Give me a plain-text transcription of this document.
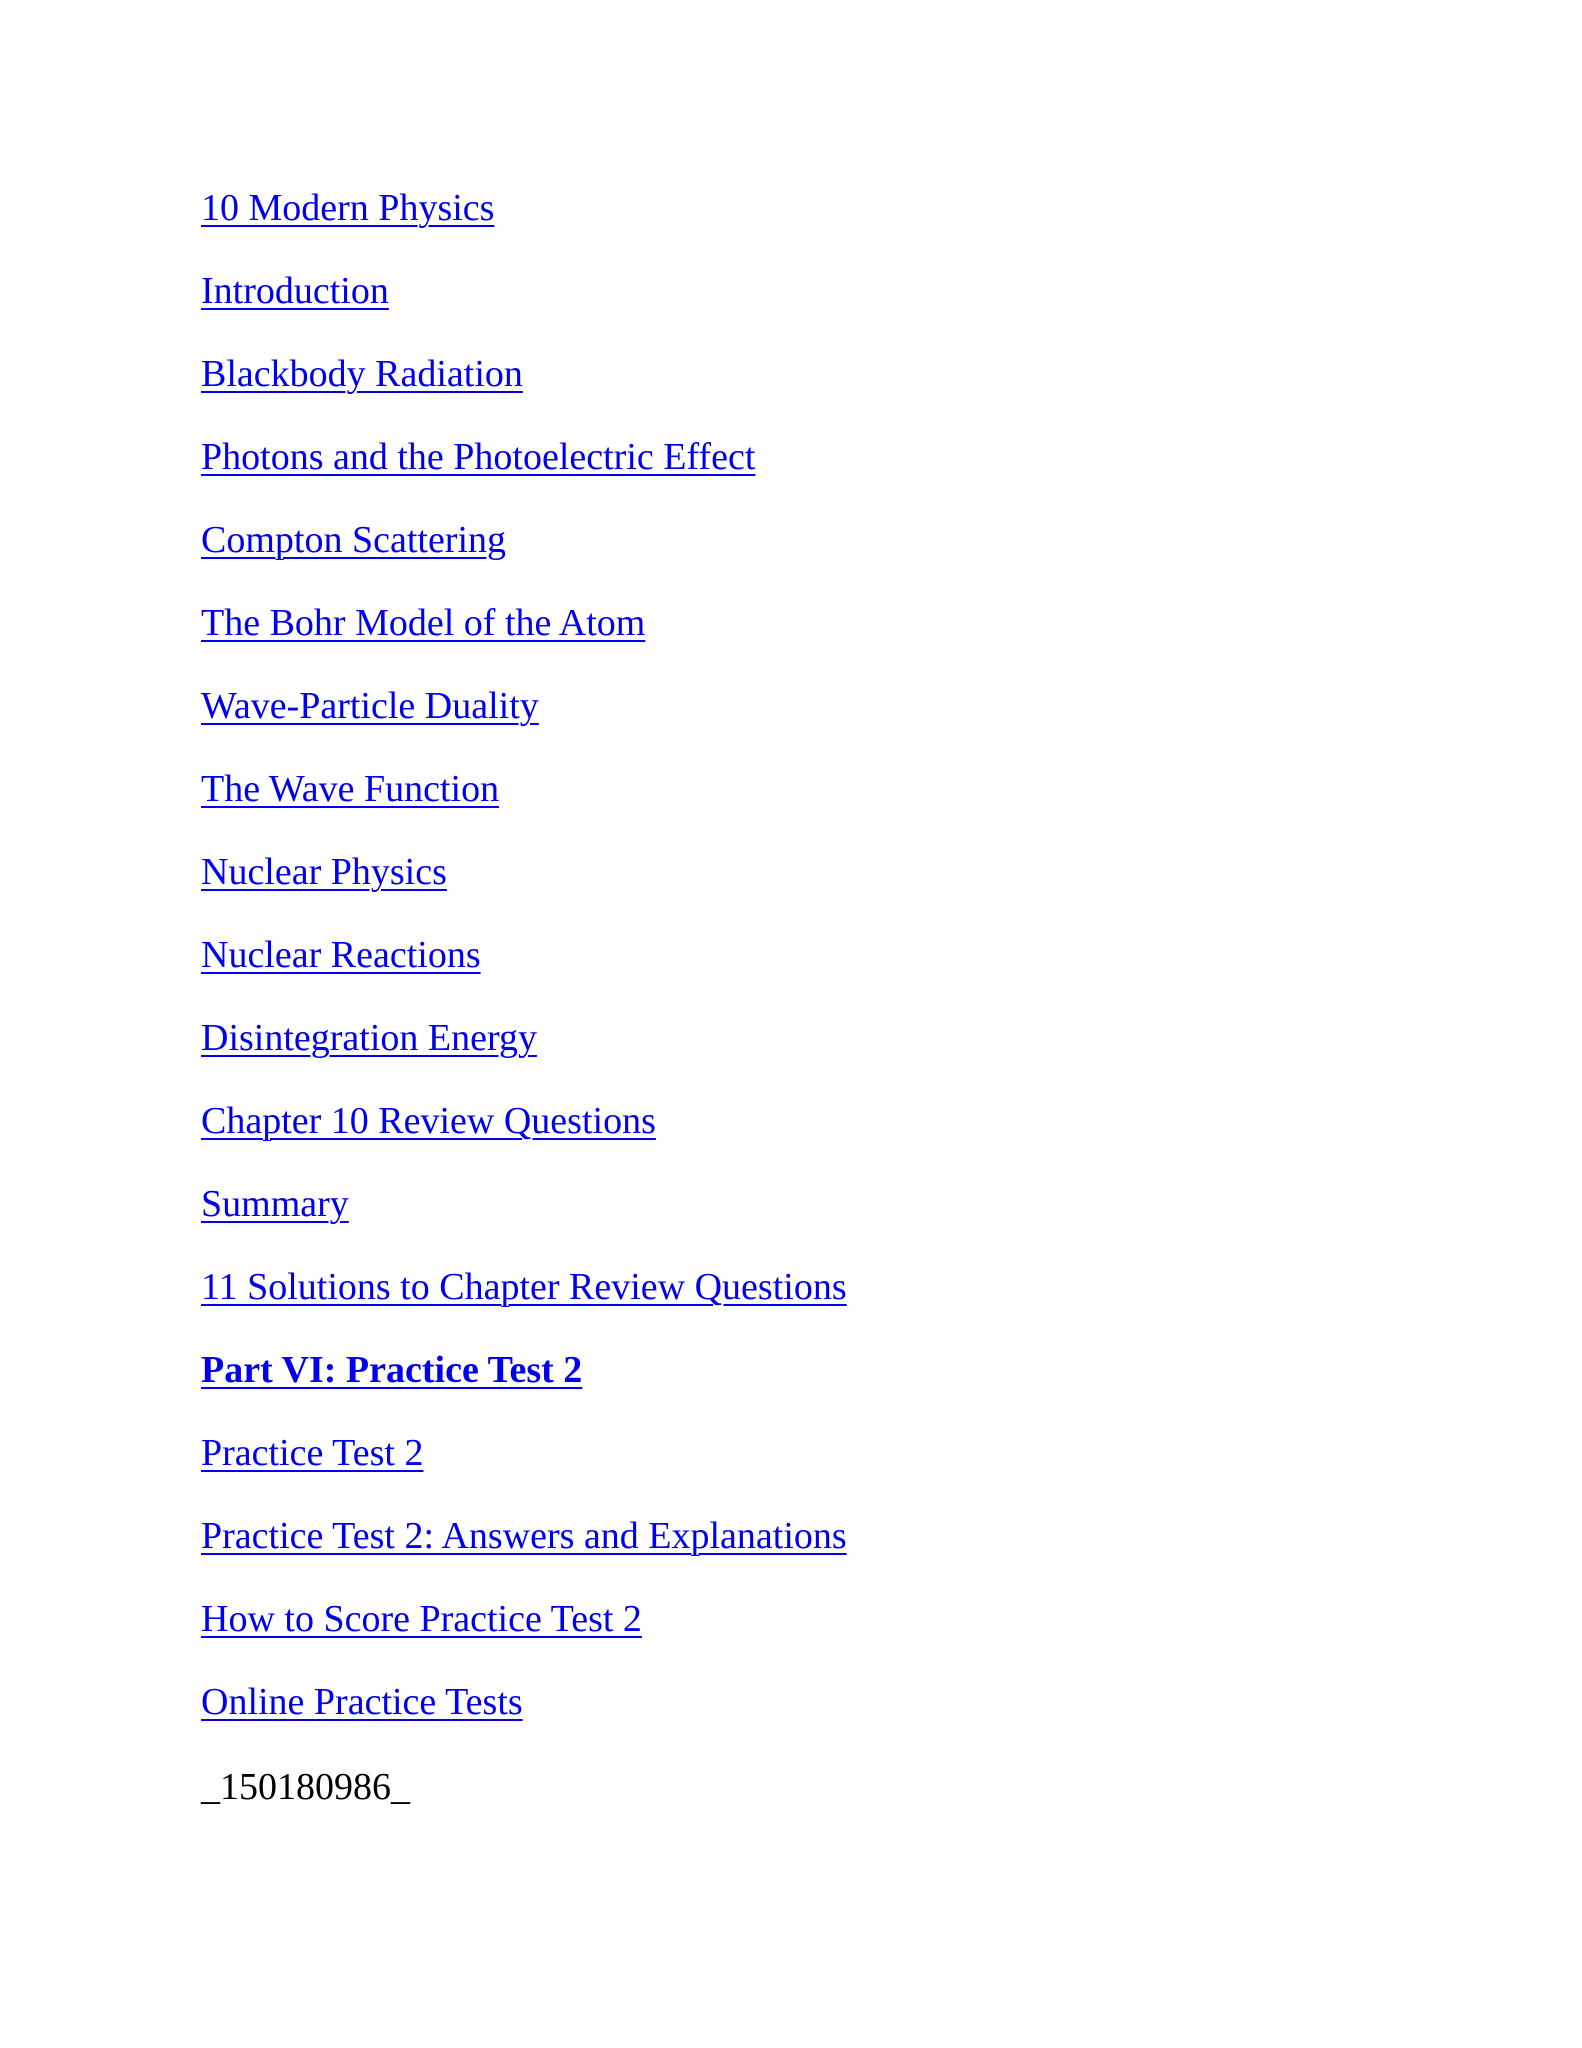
10 Modern Physics
Introduction
Blackbody Radiation
Photons and the Photoelectric Effect
Compton Scattering
The Bohr Model of the Atom
Wave-Particle Duality
The Wave Function
Nuclear Physics
Nuclear Reactions
Disintegration Energy
Chapter 10 Review Questions
Summary
11 Solutions to Chapter Review Questions
Part VI: Practice Test 2
Practice Test 2
Practice Test 2: Answers and Explanations
How to Score Practice Test 2
Online Practice Tests
_150180986_
